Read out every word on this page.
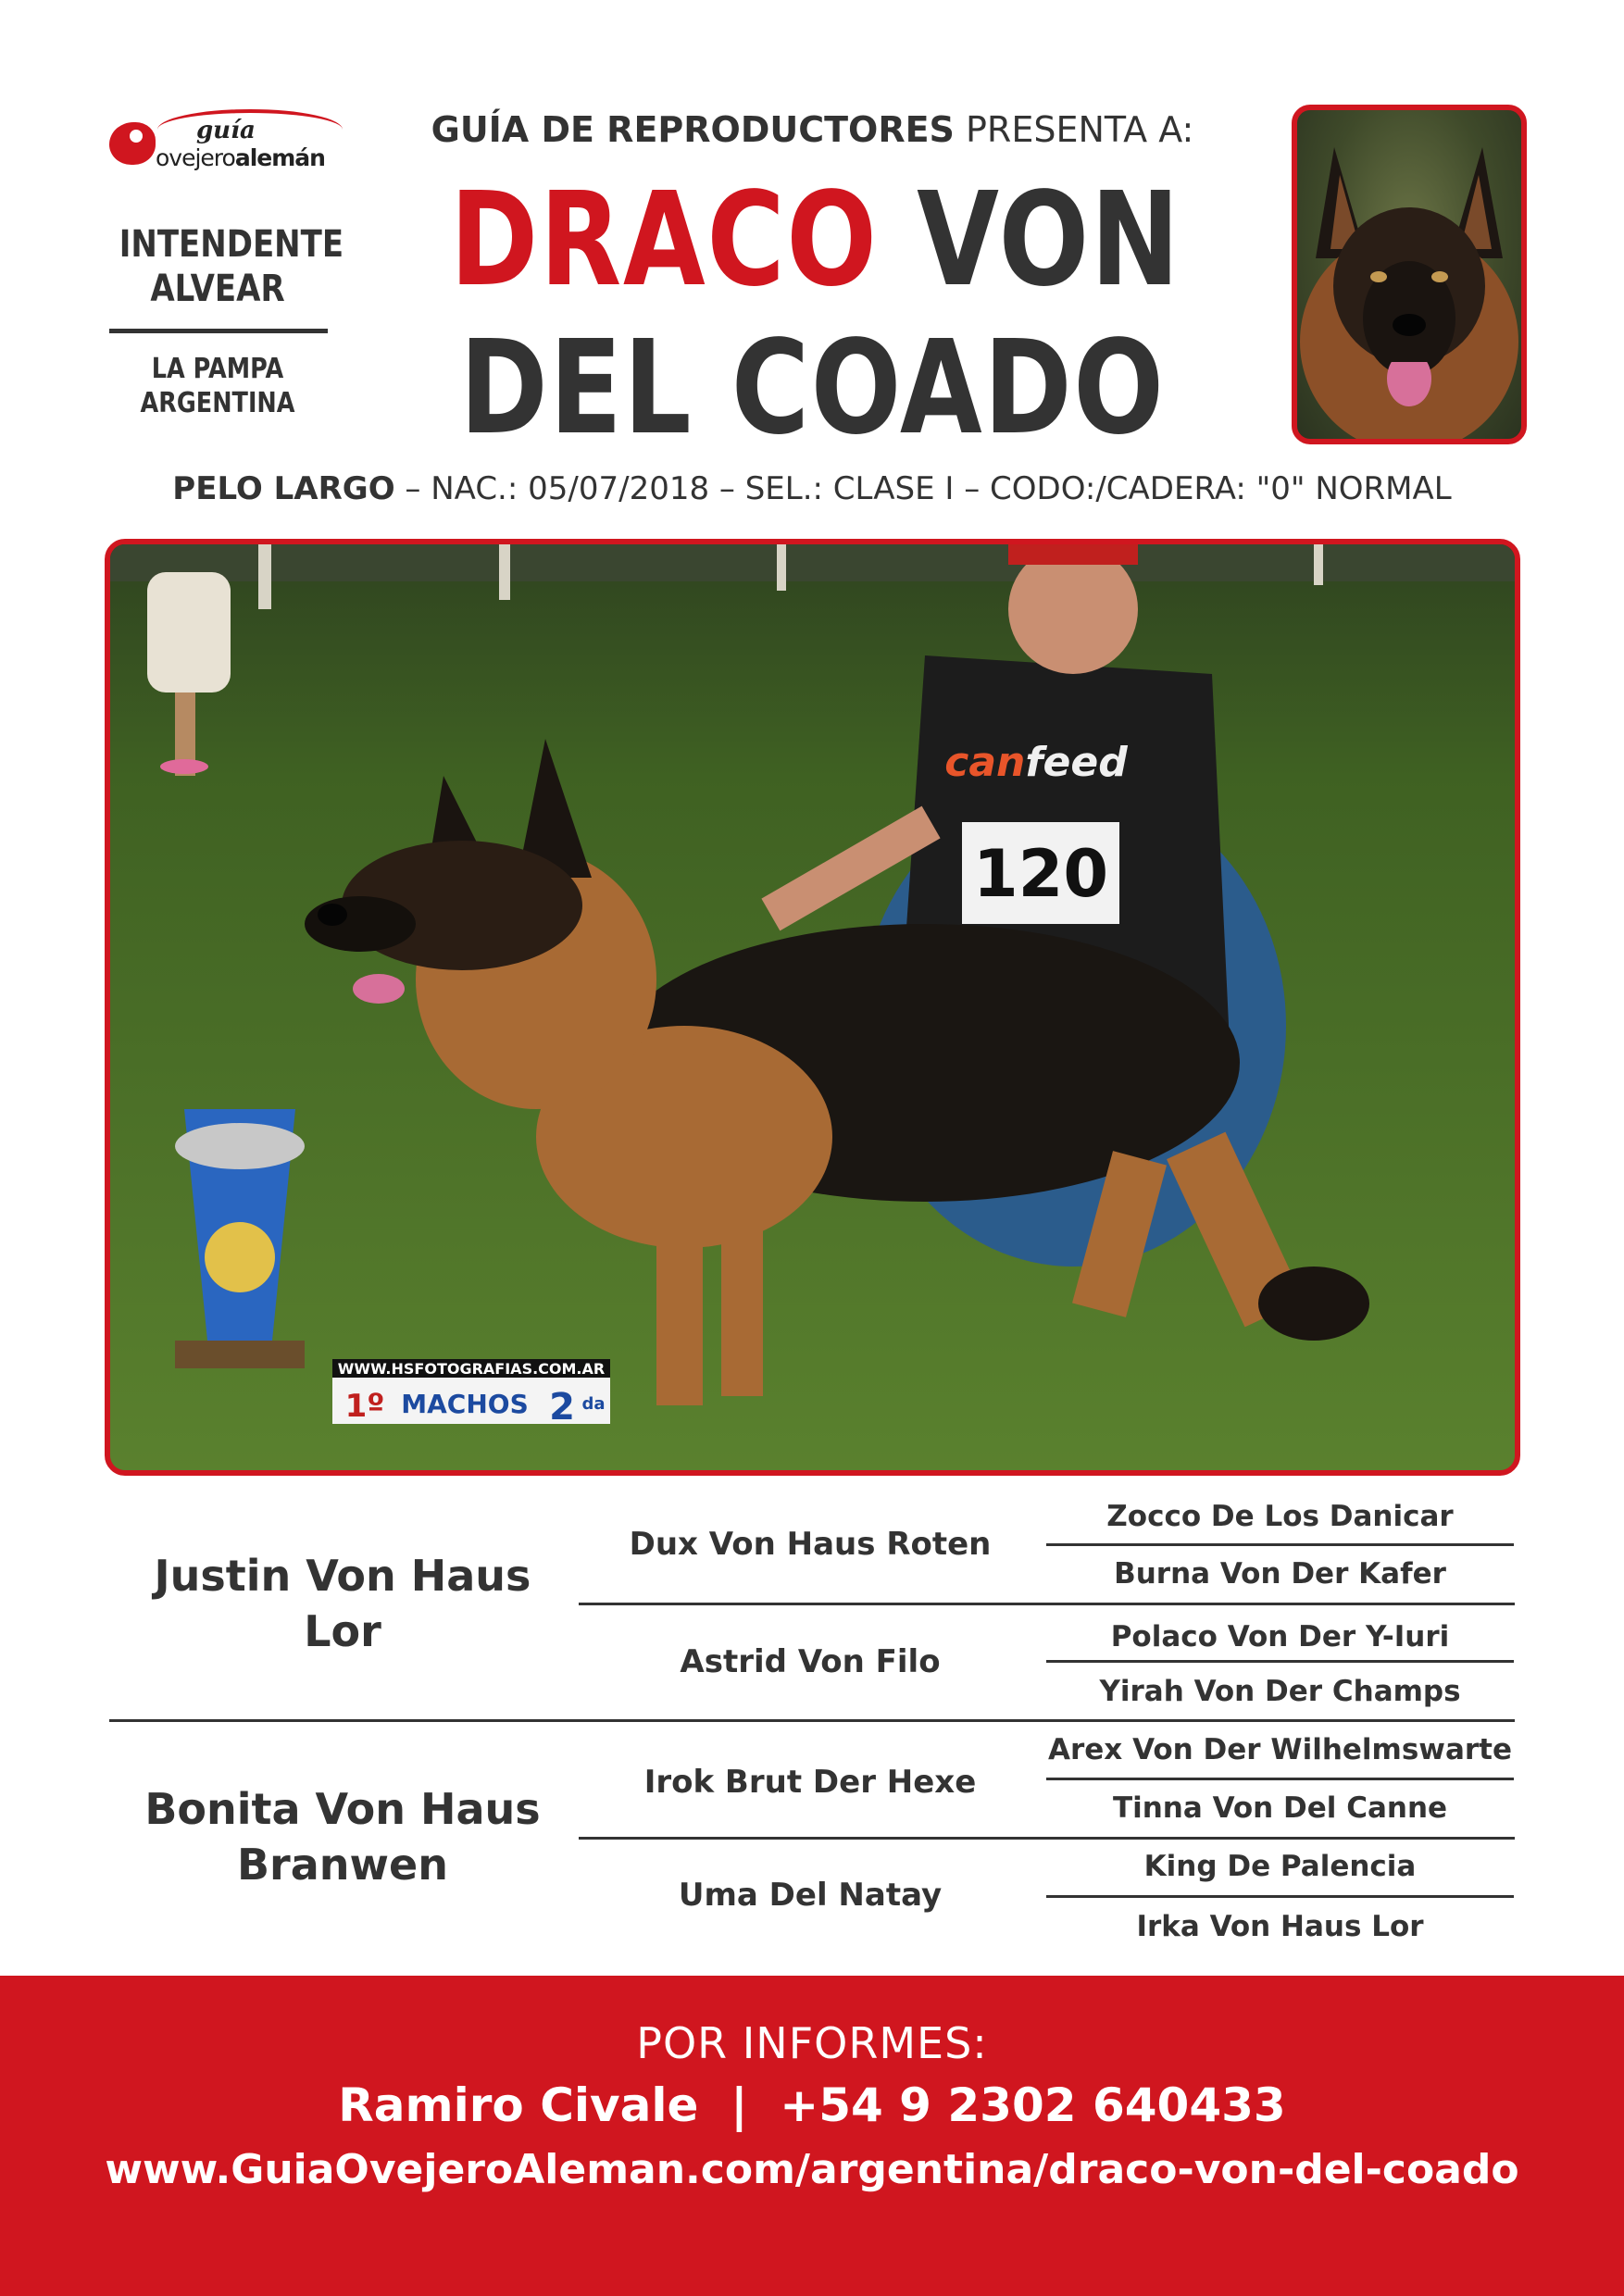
guía
ovejeroalemán
INTENDENTE ALVEAR
LA PAMPA ARGENTINA
GUÍA DE REPRODUCTORES PRESENTA A:
DRACO VON
DEL COADO
PELO LARGO – NAC.: 05/07/2018 – SEL.: CLASE I – CODO:/CADERA: "0" NORMAL
120
canfeed
WWW.HSFOTOGRAFIAS.COM.AR
1º MACHOS 2 da
Justin Von Haus Lor
Bonita Von Haus Branwen
Dux Von Haus Roten
Astrid Von Filo
Irok Brut Der Hexe
Uma Del Natay
Zocco De Los Danicar
Burna Von Der Kafer
Polaco Von Der Y-Iuri
Yirah Von Der Champs
Arex Von Der Wilhelmswarte
Tinna Von Del Canne
King De Palencia
Irka Von Haus Lor
POR INFORMES:
Ramiro Civale  |  +54 9 2302 640433
www.GuiaOvejeroAleman.com/argentina/draco-von-del-coado
